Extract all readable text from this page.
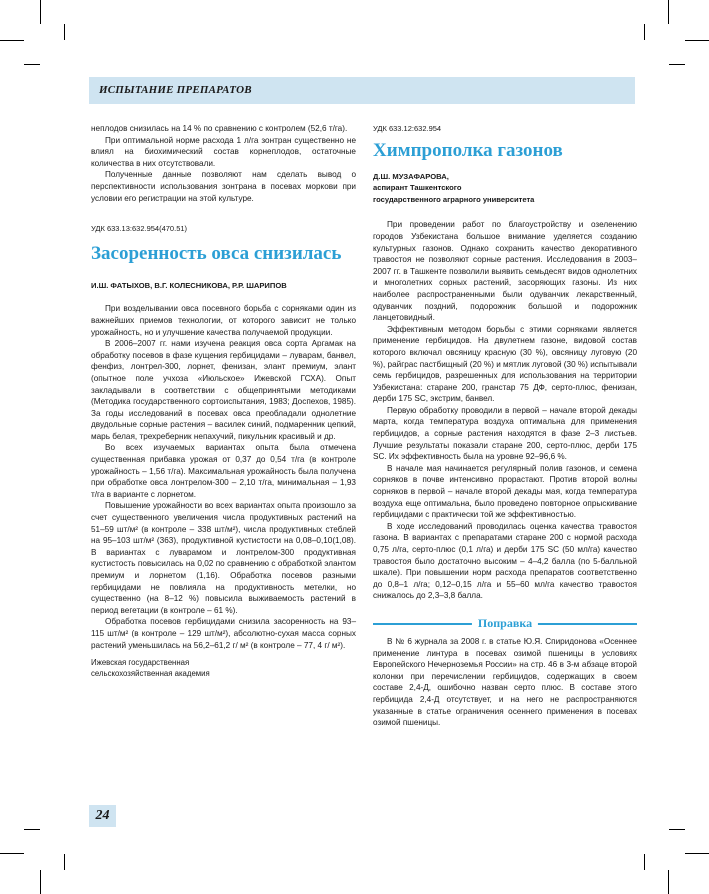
ИСПЫТАНИЕ ПРЕПАРАТОВ

неплодов снизилась на 14 % по сравнению с контролем (52,6 т/га).

При оптимальной норме расхода 1 л/га зонтран существенно не влиял на биохимический состав корнеплодов, остаточные количества в них отсутствовали.

Полученные данные позволяют нам сделать вывод о перспективности использования зонтрана в посевах моркови при условии его регистрации на этой культуре.

УДК 633.13:632.954(470.51)

Засоренность овса снизилась

И.Ш. ФАТЫХОВ, В.Г. КОЛЕСНИКОВА, Р.Р. ШАРИПОВ

При возделывании овса посевного борьба с сорняками один из важнейших приемов технологии, от которого зависит не только урожайность, но и улучшение качества получаемой продукции.

В 2006–2007 гг. нами изучена реакция овса сорта Аргамак на обработку посевов в фазе кущения гербицидами – луварам, банвел, фенфиз, лонтрел-300, лорнет, фенизан, элант премиум, элант (опытное поле учхоза «Июльское» Ижевской ГСХА). Опыт закладывали в соответствии с общепринятыми методиками (Методика государственного сортоиспытания, 1983; Доспехов, 1985). За годы исследований в посевах овса преобладали однолетние двудольные сорные растения – василек синий, подмаренник цепкий, марь белая, трехреберник непахучий, пикульник красивый и др.

Во всех изучаемых вариантах опыта была отмечена существенная прибавка урожая от 0,37 до 0,54 т/га (в контроле урожайность – 1,56 т/га). Максимальная урожайность была получена при обработке овса лонтрелом-300 – 2,10 т/га, минимальная – 1,93 т/га в варианте с лорнетом.

Повышение урожайности во всех вариантах опыта произошло за счет существенного увеличения числа продуктивных растений на 51–59 шт/м² (в контроле – 338 шт/м²), числа продуктивных стеблей на 95–103 шт/м² (363), продуктивной кустистости на 0,08–0,10(1,08). В вариантах с луварамом и лонтрелом-300 продуктивная кустистость повысилась на 0,02 по сравнению с обработкой элантом премиум и лорнетом (1,16). Обработка посевов разными гербицидами не повлияла на продуктивность метелки, но существенно (на 8–12 %) повысила выживаемость растений в период вегетации (в контроле – 61 %).

Обработка посевов гербицидами снизила засоренность на 93–115 шт/м² (в контроле – 129 шт/м²), абсолютно-сухая масса сорных растений уменьшилась на 56,2–61,2 г/ м² (в контроле – 77, 4 г/ м²).

Ижевская государственная

сельскохозяйственная академия

УДК 633.12:632.954

Химпрополка газонов

Д.Ш. МУЗАФАРОВА,

аспирант Ташкентского

государственного аграрного университета

При проведении работ по благоустройству и озеленению городов Узбекистана большое внимание уделяется созданию культурных газонов. Однако сохранить качество декоративного травостоя не позволяют сорные растения. Исследования в 2003–2007 гг. в Ташкенте позволили выявить семьдесят видов однолетних и многолетних сорных растений, засоряющих газоны. Из них наиболее распространенными были одуванчик лекарственный, одуванчик поздний, подорожник большой и подорожник ланцетовидный.

Эффективным методом борьбы с этими сорняками является применение гербицидов. На двулетнем газоне, видовой состав которого включал овсяницу красную (30 %), овсяницу луговую (20 %), райграс пастбищный (20 %) и мятлик луговой (30 %) испытывали семь гербицидов, разрешенных для использования на территории Узбекистана: старане 200, гранстар 75 ДФ, серто-плюс, фенизан, дерби 175 SC, экстрим, банвел.

Первую обработку проводили в первой – начале второй декады марта, когда температура воздуха оптимальна для применения гербицидов, а сорные растения находятся в фазе 2–3 листьев. Лучшие результаты показали старане 200, серто-плюс, дерби 175 SC. Их эффективность была на уровне 92–96,6 %.

В начале мая начинается регулярный полив газонов, и семена сорняков в почве интенсивно прорастают. Против второй волны сорняков в первой – начале второй декады мая, когда температура воздуха еще оптимальна, было проведено повторное опрыскивание гербицидами с практически той же эффективностью.

В ходе исследований проводилась оценка качества травостоя газона. В вариантах с препаратами старане 200 с нормой расхода 0,75 л/га, серто-плюс (0,1 л/га) и дерби 175 SC (50 мл/га) качество травостоя было достаточно высоким – 4–4,2 балла (по 5-балльной шкале). При повышении норм расхода препаратов соответственно до 0,8–1 л/га; 0,12–0,15 л/га и 55–60 мл/га качество травостоя снижалось до 2,3–3,8 балла.

Поправка

В № 6 журнала за 2008 г. в статье Ю.Я. Спиридонова «Осеннее применение линтура в посевах озимой пшеницы в условиях Европейского Нечерноземья России» на стр. 46 в 3-м абзаце второй колонки при перечислении гербицидов, содержащих в своем составе 2,4-Д, ошибочно назван серто плюс. В составе этого гербицида 2,4-Д отсутствует, и на него не распространяются указанные в статье ограничения осеннего применения в посевах озимой пшеницы.

24
